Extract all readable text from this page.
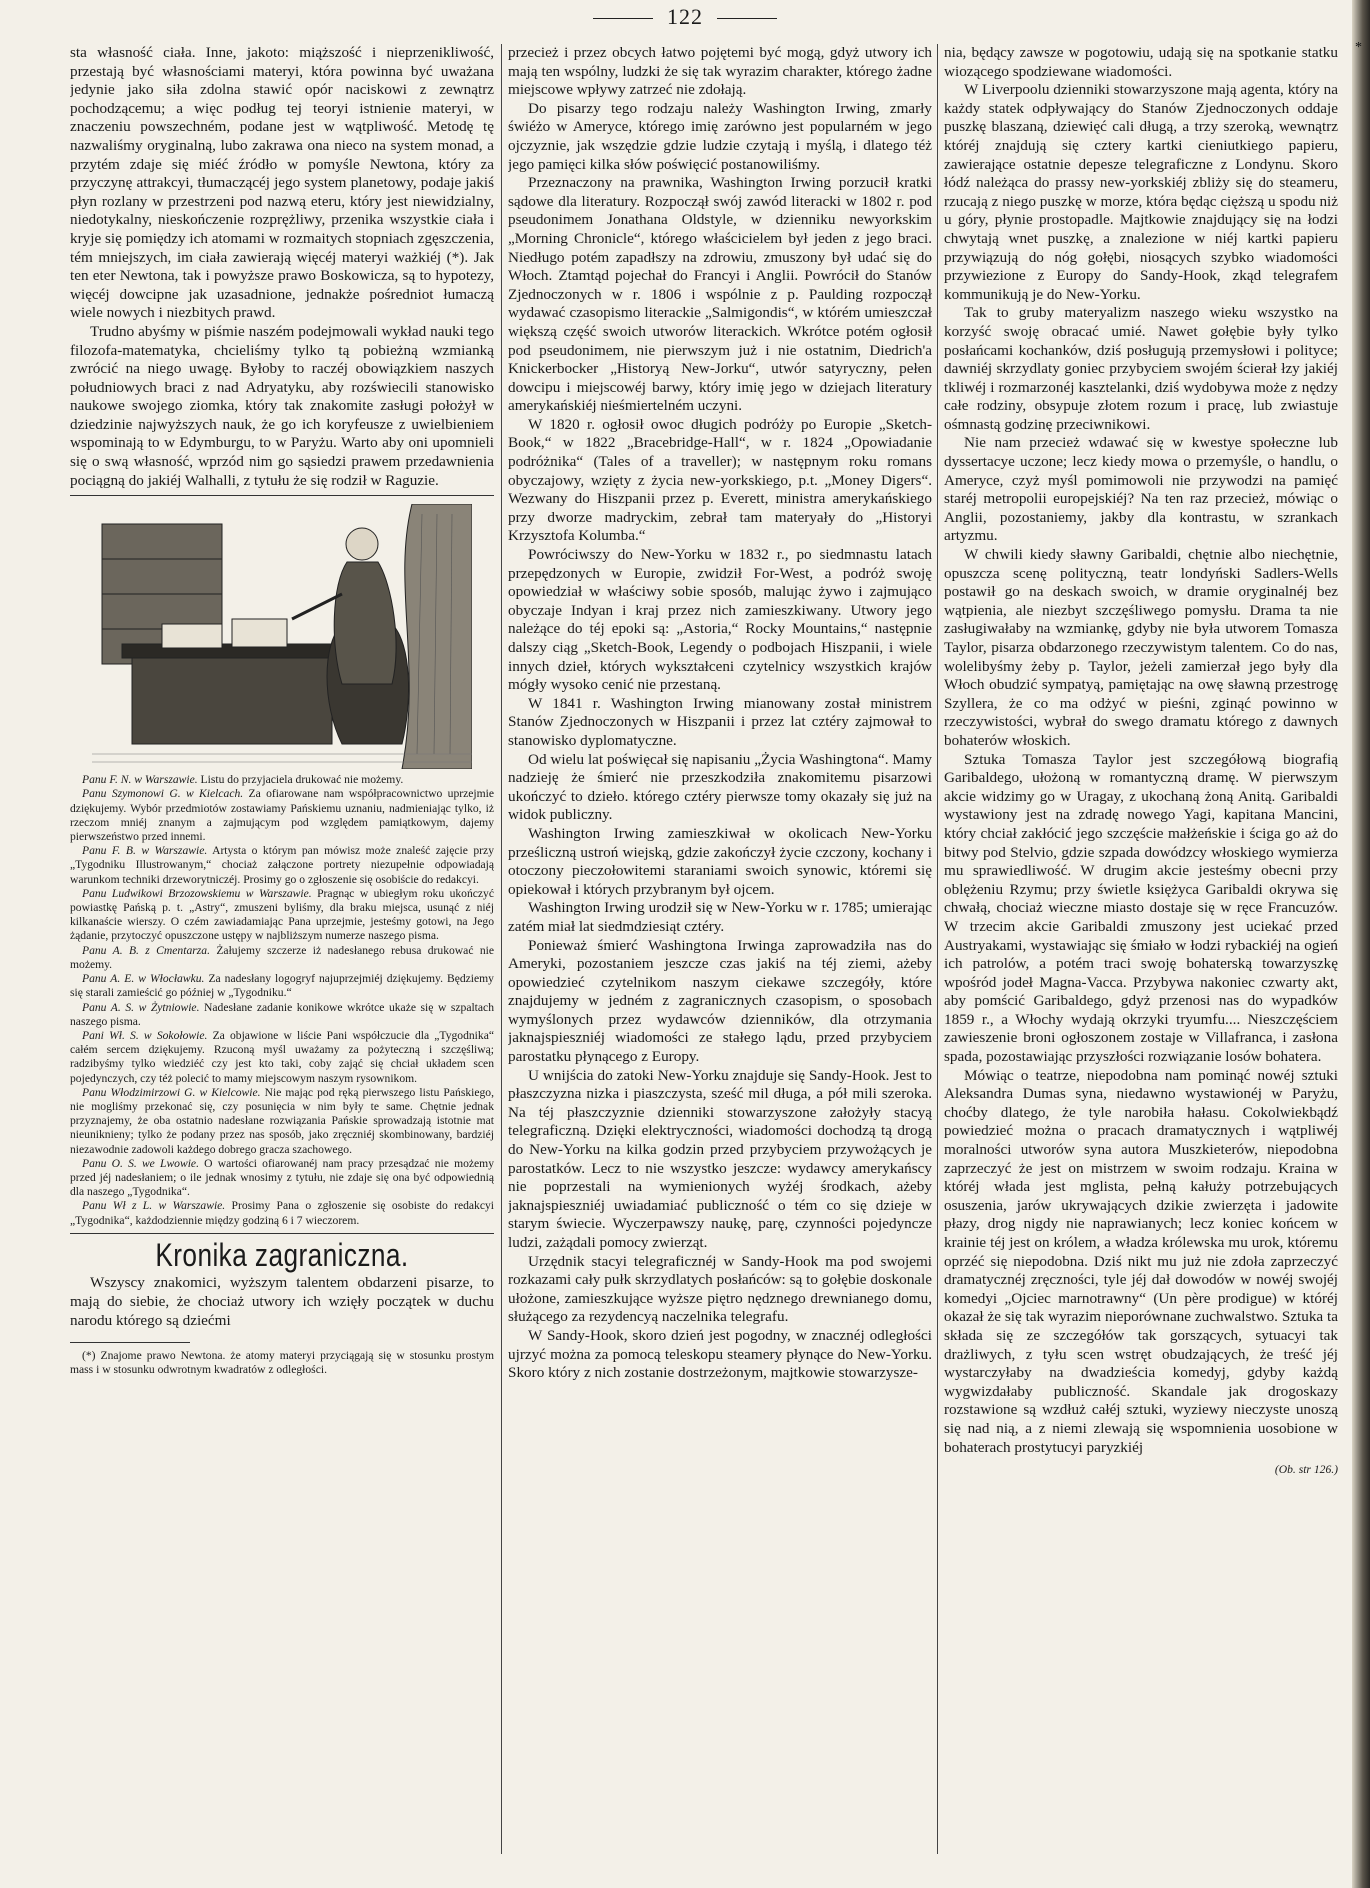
122

sta własność ciała. Inne, jakoto: miąższość i nieprzenikliwość, przestają być własnościami materyi, która powinna być uważana jedynie jako siła zdolna stawić opór naciskowi z zewnątrz pochodzącemu; a więc podług tej teoryi istnienie materyi, w znaczeniu powszechném, podane jest w wątpliwość. Metodę tę nazwaliśmy oryginalną, lubo zakrawa ona nieco na system monad, a przytém zdaje się miéć źródło w pomyśle Newtona, który za przyczynę attrakcyi, tłumaczącéj jego system planetowy, podaje jakiś płyn rozlany w przestrzeni pod nazwą eteru, który jest niewidzialny, niedotykalny, nieskończenie rozprężliwy, przenika wszystkie ciała i kryje się pomiędzy ich atomami w rozmaitych stopniach zgęszczenia, tém mniejszych, im ciała zawierają więcéj materyi ważkiéj (*). Jak ten eter Newtona, tak i powyższe prawo Boskowicza, są to hypotezy, więcéj dowcipne jak uzasadnione, jednakże pośredniot łumaczą wiele nowych i niezbitych prawd.

Trudno abyśmy w piśmie naszém podejmowali wykład nauki tego filozofa-matematyka, chcieliśmy tylko tą pobieżną wzmianką zwrócić na niego uwagę. Byłoby to raczéj obowiązkiem naszych południowych braci z nad Adryatyku, aby rozświecili stanowisko naukowe swojego ziomka, który tak znakomite zasługi położył w dziedzinie najwyższych nauk, że go ich koryfeusze z uwielbieniem wspominają to w Edymburgu, to w Paryżu. Warto aby oni upomnieli się o swą własność, wprzód nim go sąsiedzi prawem przedawnienia pociągną do jakiéj Walhalli, z tytułu że się rodził w Raguzie.

Panu F. N. w Warszawie. Listu do przyjaciela drukować nie możemy.

Panu Szymonowi G. w Kielcach. Za ofiarowane nam współpracownictwo uprzejmie dziękujemy. Wybór przedmiotów zostawiamy Pańskiemu uznaniu, nadmieniając tylko, iż rzeczom mniéj znanym a zajmującym pod względem pamiątkowym, dajemy pierwszeństwo przed innemi.

Panu F. B. w Warszawie. Artysta o którym pan mówisz może znaleść zajęcie przy „Tygodniku Illustrowanym,“ chociaż załączone portrety niezupełnie odpowiadają warunkom techniki drzeworytniczéj. Prosimy go o zgłoszenie się osobiście do redakcyi.

Panu Ludwikowi Brzozowskiemu w Warszawie. Pragnąc w ubiegłym roku ukończyć powiastkę Pańską p. t. „Astry“, zmuszeni byliśmy, dla braku miejsca, usunąć z niéj kilkanaście wierszy. O czém zawiadamiając Pana uprzejmie, jesteśmy gotowi, na Jego żądanie, przytoczyć opuszczone ustępy w najbliższym numerze naszego pisma.

Panu A. B. z Cmentarza. Żałujemy szczerze iż nadesłanego rebusa drukować nie możemy.

Panu A. E. w Włocławku. Za nadesłany logogryf najuprzejmiéj dziękujemy. Będziemy się starali zamieścić go później w „Tygodniku.“

Panu A. S. w Żytniowie. Nadesłane zadanie konikowe wkrótce ukaże się w szpaltach naszego pisma.

Pani Wł. S. w Sokołowie. Za objawione w liście Pani współczucie dla „Tygodnika“ całém sercem dziękujemy. Rzuconą myśl uważamy za pożyteczną i szczęśliwą; radzibyśmy tylko wiedziéć czy jest kto taki, coby zająć się chciał układem scen pojedynczych, czy téż polecić to mamy miejscowym naszym rysownikom.

Panu Włodzimirzowi G. w Kielcowie. Nie mając pod ręką pierwszego listu Pańskiego, nie mogliśmy przekonać się, czy posunięcia w nim były te same. Chętnie jednak przyznajemy, że oba ostatnio nadesłane rozwiązania Pańskie sprowadzają istotnie mat nieuniknieny; tylko że podany przez nas sposób, jako zręczniéj skombinowany, bardziéj niezawodnie zadowoli każdego dobrego gracza szachowego.

Panu O. S. we Lwowie. O wartości ofiarowanéj nam pracy przesądzać nie możemy przed jéj nadesłaniem; o ile jednak wnosimy z tytułu, nie zdaje się ona być odpowiednią dla naszego „Tygodnika“.

Panu Wł z L. w Warszawie. Prosimy Pana o zgłoszenie się osobiste do redakcyi „Tygodnika“, każdodziennie między godziną 6 i 7 wieczorem.

Kronika zagraniczna.

Wszyscy znakomici, wyższym talentem obdarzeni pisarze, to mają do siebie, że chociaż utwory ich wzięły początek w duchu narodu którego są dziećmi

(*) Znajome prawo Newtona. że atomy materyi przyciągają się w stosunku prostym mass i w stosunku odwrotnym kwadratów z odległości.

przecież i przez obcych łatwo pojętemi być mogą, gdyż utwory ich mają ten wspólny, ludzki że się tak wyrazim charakter, którego żadne miejscowe wpływy zatrzeć nie zdołają.

Do pisarzy tego rodzaju należy Washington Irwing, zmarły świéżo w Ameryce, którego imię zarówno jest popularném w jego ojczyznie, jak wszędzie gdzie ludzie czytają i myślą, i dlatego téż jego pamięci kilka słów poświęcić postanowiliśmy.

Przeznaczony na prawnika, Washington Irwing porzucił kratki sądowe dla literatury. Rozpoczął swój zawód literacki w 1802 r. pod pseudonimem Jonathana Oldstyle, w dzienniku newyorkskim „Morning Chronicle“, którego właścicielem był jeden z jego braci. Niedługo potém zapadłszy na zdrowiu, zmuszony był udać się do Włoch. Ztamtąd pojechał do Francyi i Anglii. Powrócił do Stanów Zjednoczonych w r. 1806 i wspólnie z p. Paulding rozpoczął wydawać czasopismo literackie „Salmigondis“, w którém umieszczał większą część swoich utworów literackich. Wkrótce potém ogłosił pod pseudonimem, nie pierwszym już i nie ostatnim, Diedrich'a Knickerbocker „Historyą New-Jorku“, utwór satyryczny, pełen dowcipu i miejscowéj barwy, który imię jego w dziejach literatury amerykańskiéj nieśmiertelném uczyni.

W 1820 r. ogłosił owoc długich podróży po Europie „Sketch-Book,“ w 1822 „Bracebridge-Hall“, w r. 1824 „Opowiadanie podróżnika“ (Tales of a traveller); w następnym roku romans obyczajowy, wzięty z życia new-yorkskiego, p.t. „Money Digers“. Wezwany do Hiszpanii przez p. Everett, ministra amerykańskiego przy dworze madryckim, zebrał tam materyały do „Historyi Krzysztofa Kolumba.“

Powróciwszy do New-Yorku w 1832 r., po siedmnastu latach przepędzonych w Europie, zwidził For-West, a podróż swoję opowiedział w właściwy sobie sposób, malując żywo i zajmująco obyczaje Indyan i kraj przez nich zamieszkiwany. Utwory jego należące do téj epoki są: „Astoria,“ Rocky Mountains,“ następnie dalszy ciąg „Sketch-Book, Legendy o podbojach Hiszpanii, i wiele innych dzieł, których wykształceni czytelnicy wszystkich krajów mógły wysoko cenić nie przestaną.

W 1841 r. Washington Irwing mianowany został ministrem Stanów Zjednoczonych w Hiszpanii i przez lat cztéry zajmował to stanowisko dyplomatyczne.

Od wielu lat poświęcał się napisaniu „Życia Washingtona“. Mamy nadzieję że śmierć nie przeszkodziła znakomitemu pisarzowi ukończyć to dzieło. którego cztéry pierwsze tomy okazały się już na widok publiczny.

Washington Irwing zamieszkiwał w okolicach New-Yorku prześliczną ustroń wiejską, gdzie zakończył życie czczony, kochany i otoczony pieczołowitemi staraniami swoich synowic, któremi się opiekował i których przybranym był ojcem.

Washington Irwing urodził się w New-Yorku w r. 1785; umierając zatém miał lat siedmdziesiąt cztéry.

Ponieważ śmierć Washingtona Irwinga zaprowadziła nas do Ameryki, pozostaniem jeszcze czas jakiś na téj ziemi, ażeby opowiedzieć czytelnikom naszym ciekawe szczegóły, które znajdujemy w jedném z zagranicznych czasopism, o sposobach wymyślonych przez wydawców dzienników, dla otrzymania jaknajspieszniéj wiadomości ze stałego lądu, przed przybyciem parostatku płynącego z Europy.

U wnijścia do zatoki New-Yorku znajduje się Sandy-Hook. Jest to płaszczyzna nizka i piaszczysta, sześć mil długa, a pół mili szeroka. Na téj płaszczyznie dzienniki stowarzyszone założyły stacyą telegraficzną. Dzięki elektryczności, wiadomości dochodzą tą drogą do New-Yorku na kilka godzin przed przybyciem przywożących je parostatków. Lecz to nie wszystko jeszcze: wydawcy amerykańscy nie poprzestali na wymienionych wyżéj środkach, ażeby jaknajspieszniéj uwiadamiać publiczność o tém co się dzieje w starym świecie. Wyczerpawszy naukę, parę, czynności pojedyncze ludzi, zażądali pomocy zwierząt.

Urzędnik stacyi telegraficznéj w Sandy-Hook ma pod swojemi rozkazami cały pułk skrzydlatych posłańców: są to gołębie doskonale ułożone, zamieszkujące wyższe piętro nędznego drewnianego domu, służącego za rezydencyą naczelnika telegrafu.

W Sandy-Hook, skoro dzień jest pogodny, w znacznéj odległości ujrzyć można za pomocą teleskopu steamery płynące do New-Yorku. Skoro który z nich zostanie dostrzeżonym, majtkowie stowarzysze-

nia, będący zawsze w pogotowiu, udają się na spotkanie statku wiozącego spodziewane wiadomości.

W Liverpoolu dzienniki stowarzyszone mają agenta, który na każdy statek odpływający do Stanów Zjednoczonych oddaje puszkę blaszaną, dziewięć cali długą, a trzy szeroką, wewnątrz któréj znajdują się cztery kartki cieniutkiego papieru, zawierające ostatnie depesze telegraficzne z Londynu. Skoro łódź należąca do prassy new-yorkskiéj zbliży się do steameru, rzucają z niego puszkę w morze, która będąc cięższą u spodu niż u góry, płynie prostopadle. Majtkowie znajdujący się na łodzi chwytają wnet puszkę, a znalezione w niéj kartki papieru przywiązują do nóg gołębi, niosących szybko wiadomości przywiezione z Europy do Sandy-Hook, zkąd telegrafem kommunikują je do New-Yorku.

Tak to gruby materyalizm naszego wieku wszystko na korzyść swoję obracać umié. Nawet gołębie były tylko posłańcami kochanków, dziś posługują przemysłowi i polityce; dawniéj skrzydlaty goniec przybyciem swojém ścierał łzy jakiéj tkliwéj i rozmarzonéj kasztelanki, dziś wydobywa może z nędzy całe rodziny, obsypuje złotem rozum i pracę, lub zwiastuje ośmnastą godzinę przeciwnikowi.

Nie nam przecież wdawać się w kwestye społeczne lub dyssertacye uczone; lecz kiedy mowa o przemyśle, o handlu, o Ameryce, czyż myśl pomimowoli nie przywodzi na pamięć staréj metropolii europejskiéj? Na ten raz przecież, mówiąc o Anglii, pozostaniemy, jakby dla kontrastu, w szrankach artyzmu.

W chwili kiedy sławny Garibaldi, chętnie albo niechętnie, opuszcza scenę polityczną, teatr londyński Sadlers-Wells postawił go na deskach swoich, w dramie oryginalnéj bez wątpienia, ale niezbyt szczęśliwego pomysłu. Drama ta nie zasługiwałaby na wzmiankę, gdyby nie była utworem Tomasza Taylor, pisarza obdarzonego rzeczywistym talentem. Co do nas, wolelibyśmy żeby p. Taylor, jeżeli zamierzał jego były dla Włoch obudzić sympatyą, pamiętając na owę sławną przestrogę Szyllera, że co ma odżyć w pieśni, zginąć powinno w rzeczywistości, wybrał do swego dramatu którego z dawnych bohaterów włoskich.

Sztuka Tomasza Taylor jest szczegółową biografią Garibaldego, ułożoną w romantyczną dramę. W pierwszym akcie widzimy go w Uragay, z ukochaną żoną Anitą. Garibaldi wystawiony jest na zdradę nowego Yagi, kapitana Mancini, który chciał zakłócić jego szczęście małżeńskie i ściga go aż do bitwy pod Stelvio, gdzie szpada dowódzcy włoskiego wymierza mu sprawiedliwość. W drugim akcie jesteśmy obecni przy oblężeniu Rzymu; przy świetle księżyca Garibaldi okrywa się chwałą, chociaż wieczne miasto dostaje się w ręce Francuzów. W trzecim akcie Garibaldi zmuszony jest uciekać przed Austryakami, wystawiając się śmiało w łodzi rybackiéj na ogień ich patrolów, a potém traci swoję bohaterską towarzyszkę wpośród jodeł Magna-Vacca. Przybywa nakoniec czwarty akt, aby pomścić Garibaldego, gdyż przenosi nas do wypadków 1859 r., a Włochy wydają okrzyki tryumfu.... Nieszczęściem zawieszenie broni ogłoszonem zostaje w Villafranca, i zasłona spada, pozostawiając przyszłości rozwiązanie losów bohatera.

Mówiąc o teatrze, niepodobna nam pominąć nowéj sztuki Aleksandra Dumas syna, niedawno wystawionéj w Paryżu, choćby dlatego, że tyle narobiła hałasu. Cokolwiekbądź powiedzieć można o pracach dramatycznych i wątpliwéj moralności utworów syna autora Muszkieterów, niepodobna zaprzeczyć że jest on mistrzem w swoim rodzaju. Kraina w któréj włada jest mglista, pełną kałuży potrzebujących osuszenia, jarów ukrywających dzikie zwierzęta i jadowite płazy, drog nigdy nie naprawianych; lecz koniec końcem w krainie téj jest on królem, a władza królewska mu urok, któremu oprzéć się niepodobna. Dziś nikt mu już nie zdoła zaprzeczyć dramatycznéj zręczności, tyle jéj dał dowodów w nowéj swojéj komedyi „Ojciec marnotrawny“ (Un père prodigue) w któréj okazał że się tak wyrazim nieporównane zuchwalstwo. Sztuka ta składa się ze szczegółów tak gorszących, sytuacyi tak drażliwych, z tyłu scen wstręt obudzających, że treść jéj wystarczyłaby na dwadzieścia komedyj, gdyby każdą wygwizdałaby publiczność. Skandale jak drogoskazy rozstawione są wzdłuż całéj sztuki, wyziewy nieczyste unoszą się nad nią, a z niemi zlewają się wspomnienia uosobione w bohaterach prostytucyi paryzkiéj

(Ob. str 126.)
*
